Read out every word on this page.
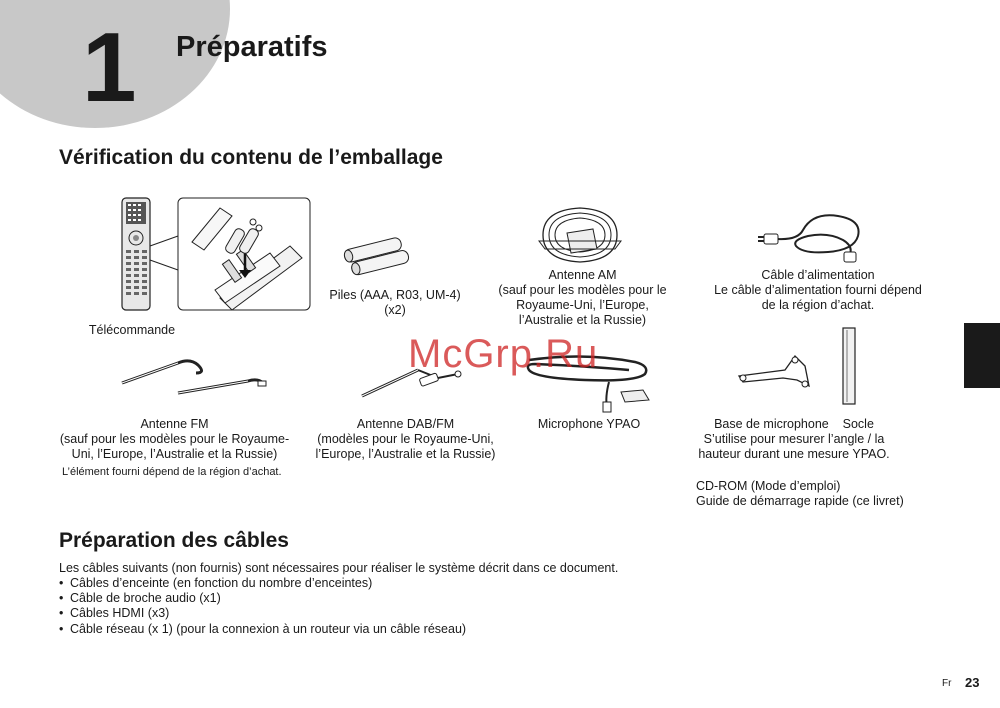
1 Préparatifs
Vérification du contenu de l’emballage
Télécommande
Piles (AAA, R03, UM-4)
(x2)
Antenne AM
(sauf pour les modèles pour le
Royaume-Uni, l’Europe,
l’Australie et la Russie)
Câble d’alimentation
Le câble d’alimentation fourni dépend
de la région d’achat.
Antenne FM
(sauf pour les modèles pour le Royaume-
Uni, l’Europe, l’Australie et la Russie)
L’élément fourni dépend de la région d’achat.
Antenne DAB/FM
(modèles pour le Royaume-Uni,
l’Europe, l’Australie et la Russie)
Microphone YPAO	Base de microphone    Socle
S’utilise pour mesurer l’angle / la
hauteur durant une mesure YPAO.
CD-ROM (Mode d’emploi)
Guide de démarrage rapide (ce livret)
McGrp.Ru
Préparation des câbles
Les câbles suivants (non fournis) sont nécessaires pour réaliser le système décrit dans ce document.
• Câbles d’enceinte (en fonction du nombre d’enceintes)
• Câble de broche audio (x1)
• Câbles HDMI (x3)
• Câble réseau (x 1) (pour la connexion à un routeur via un câble réseau)
Fr 23
